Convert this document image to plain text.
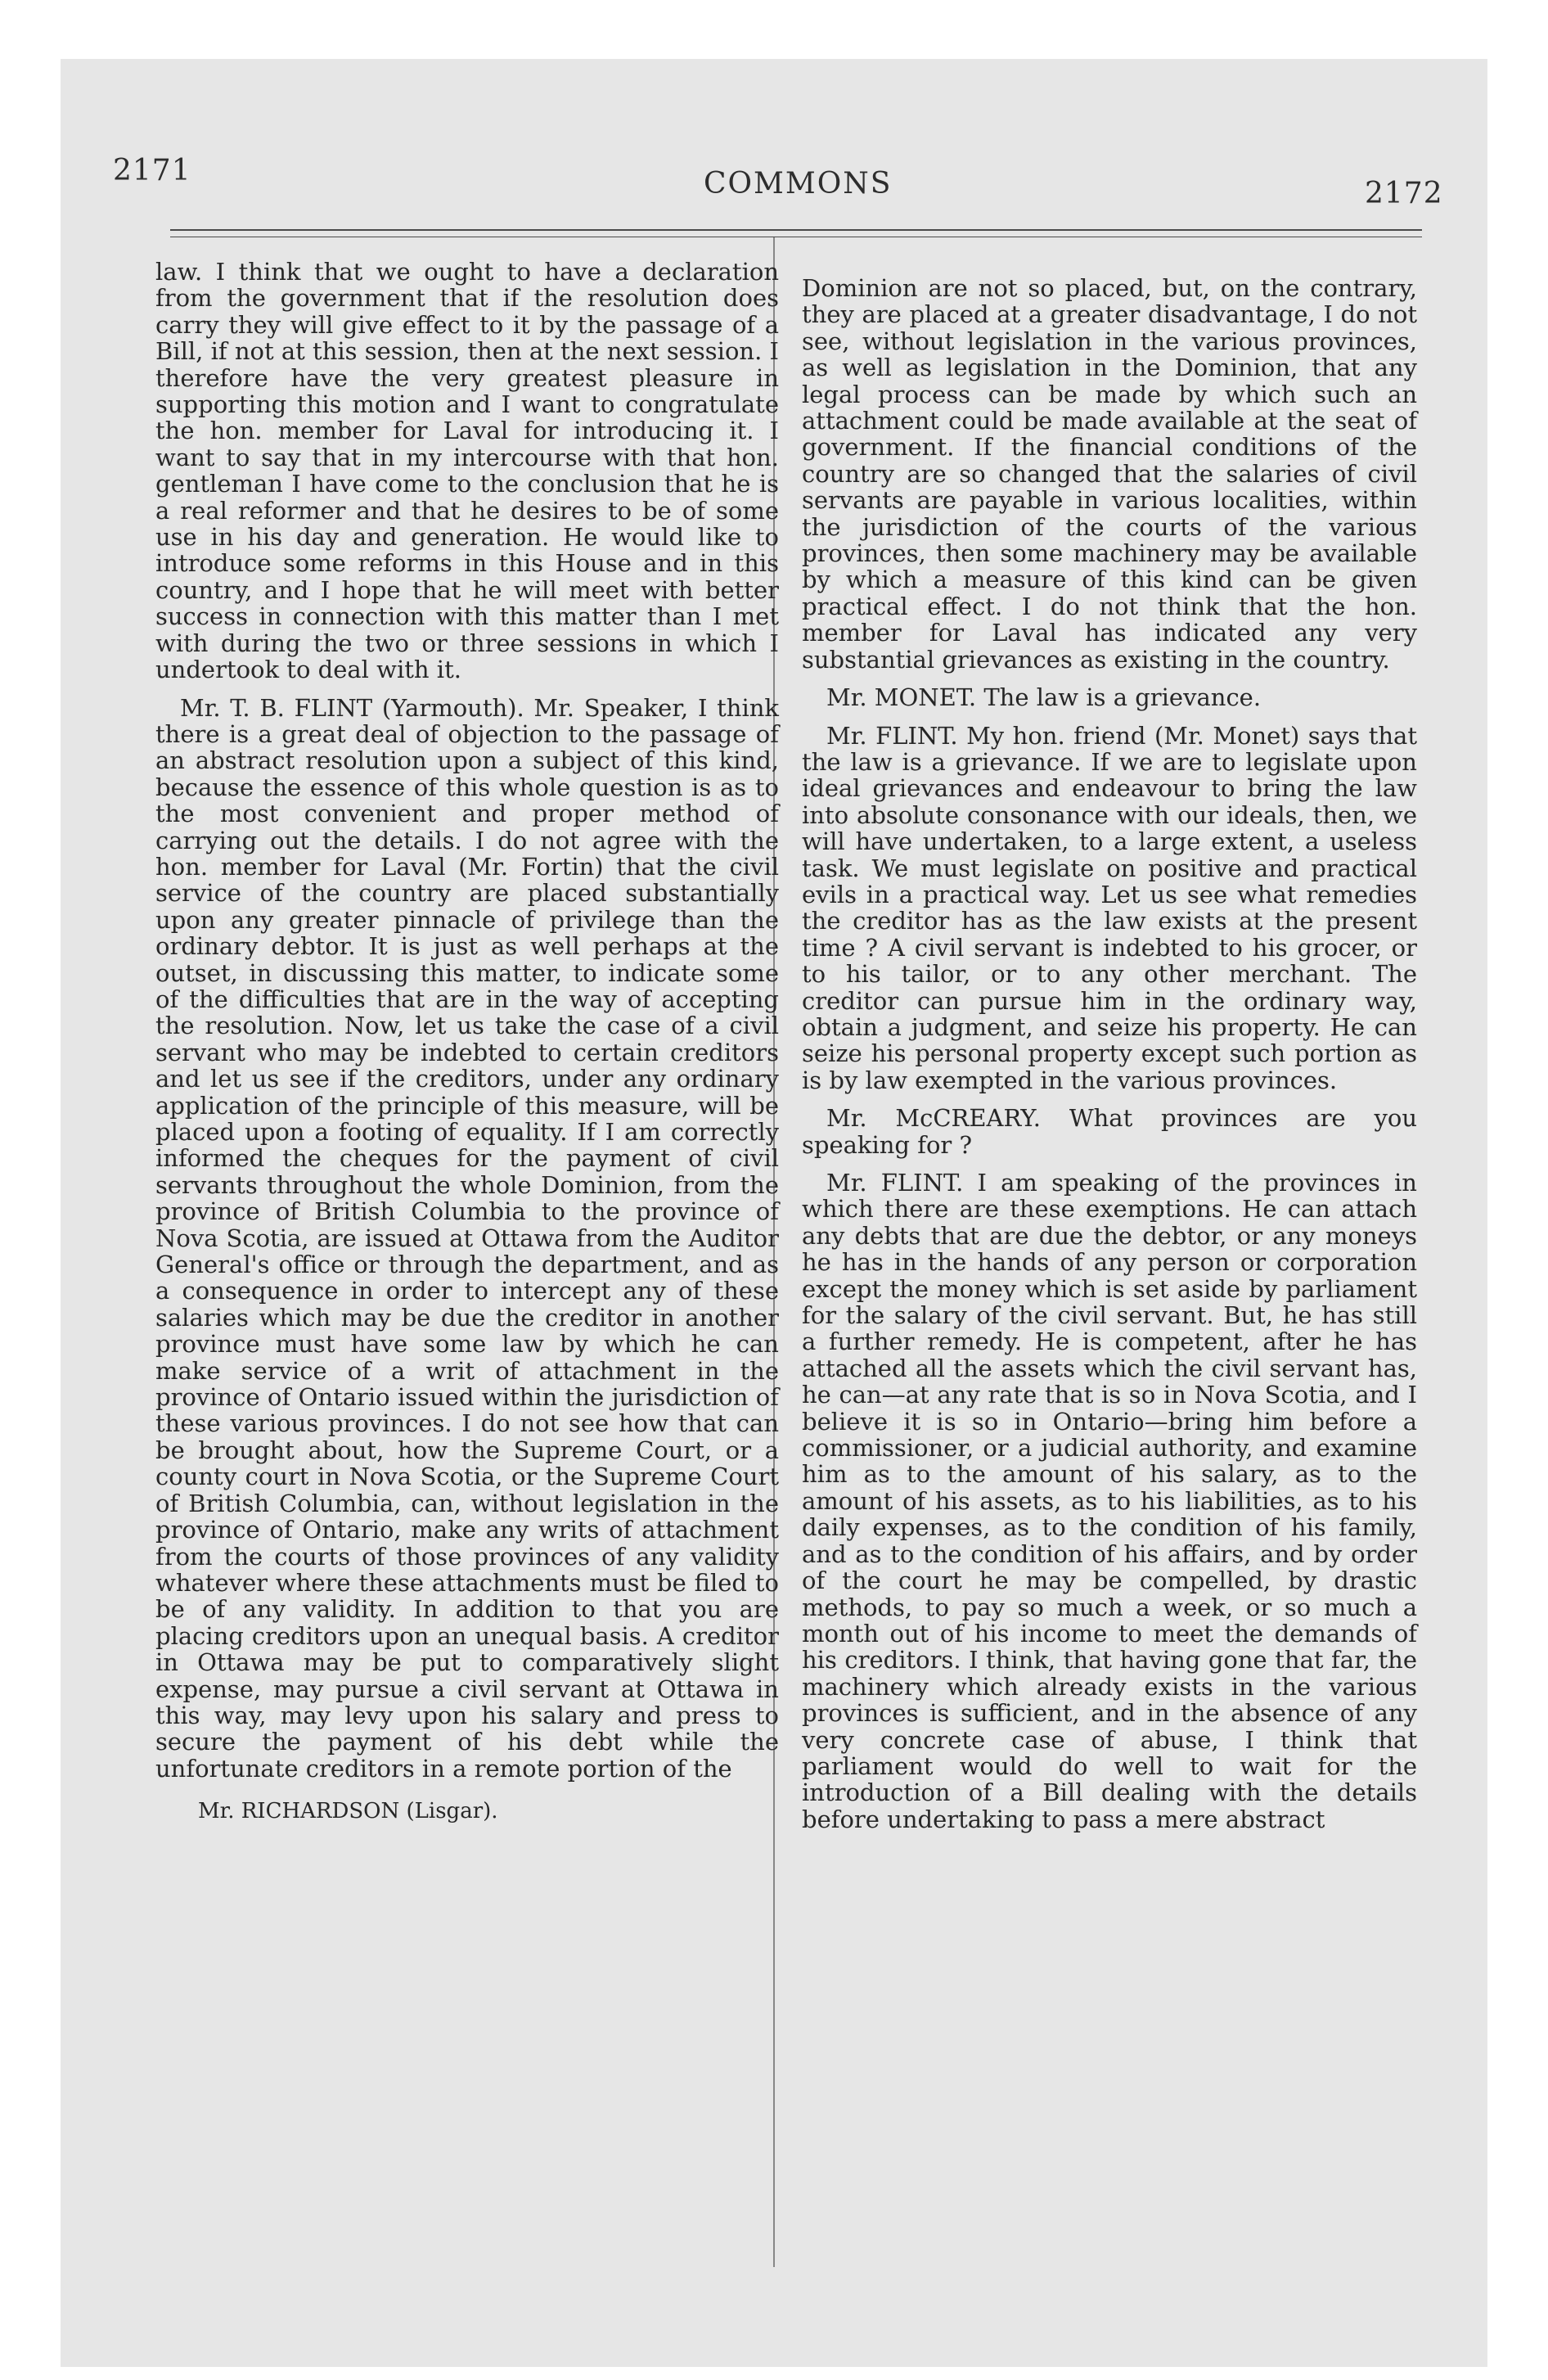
2171	COMMONS	2172

law. I think that we ought to have a declaration from the government that if the resolution does carry they will give effect to it by the passage of a Bill, if not at this session, then at the next session. I therefore have the very greatest pleasure in supporting this motion and I want to congratulate the hon. member for Laval for introducing it. I want to say that in my intercourse with that hon. gentleman I have come to the conclusion that he is a real reformer and that he desires to be of some use in his day and generation. He would like to introduce some reforms in this House and in this country, and I hope that he will meet with better success in connection with this matter than I met with during the two or three sessions in which I undertook to deal with it.

Mr. T. B. FLINT (Yarmouth). Mr. Speaker, I think there is a great deal of objection to the passage of an abstract resolution upon a subject of this kind, because the essence of this whole question is as to the most convenient and proper method of carrying out the details. I do not agree with the hon. member for Laval (Mr. Fortin) that the civil service of the country are placed substantially upon any greater pinnacle of privilege than the ordinary debtor. It is just as well perhaps at the outset, in discussing this matter, to indicate some of the difficulties that are in the way of accepting the resolution. Now, let us take the case of a civil servant who may be indebted to certain creditors and let us see if the creditors, under any ordinary application of the principle of this measure, will be placed upon a footing of equality. If I am correctly informed the cheques for the payment of civil servants throughout the whole Dominion, from the province of British Columbia to the province of Nova Scotia, are issued at Ottawa from the Auditor General's office or through the department, and as a consequence in order to intercept any of these salaries which may be due the creditor in another province must have some law by which he can make service of a writ of attachment in the province of Ontario issued within the jurisdiction of these various provinces. I do not see how that can be brought about, how the Supreme Court, or a county court in Nova Scotia, or the Supreme Court of British Columbia, can, without legislation in the province of Ontario, make any writs of attachment from the courts of those provinces of any validity whatever where these attachments must be filed to be of any validity. In addition to that you are placing creditors upon an unequal basis. A creditor in Ottawa may be put to comparatively slight expense, may pursue a civil servant at Ottawa in this way, may levy upon his salary and press to secure the payment of his debt while the unfortunate creditors in a remote portion of the

Mr. RICHARDSON (Lisgar).

Dominion are not so placed, but, on the contrary, they are placed at a greater disadvantage, I do not see, without legislation in the various provinces, as well as legislation in the Dominion, that any legal process can be made by which such an attachment could be made available at the seat of government. If the financial conditions of the country are so changed that the salaries of civil servants are payable in various localities, within the jurisdiction of the courts of the various provinces, then some machinery may be available by which a measure of this kind can be given practical effect. I do not think that the hon. member for Laval has indicated any very substantial grievances as existing in the country.

Mr. MONET. The law is a grievance.

Mr. FLINT. My hon. friend (Mr. Monet) says that the law is a grievance. If we are to legislate upon ideal grievances and endeavour to bring the law into absolute consonance with our ideals, then, we will have undertaken, to a large extent, a useless task. We must legislate on positive and practical evils in a practical way. Let us see what remedies the creditor has as the law exists at the present time ? A civil servant is indebted to his grocer, or to his tailor, or to any other merchant. The creditor can pursue him in the ordinary way, obtain a judgment, and seize his property. He can seize his personal property except such portion as is by law exempted in the various provinces.

Mr. McCREARY. What provinces are you speaking for ?

Mr. FLINT. I am speaking of the provinces in which there are these exemptions. He can attach any debts that are due the debtor, or any moneys he has in the hands of any person or corporation except the money which is set aside by parliament for the salary of the civil servant. But, he has still a further remedy. He is competent, after he has attached all the assets which the civil servant has, he can—at any rate that is so in Nova Scotia, and I believe it is so in Ontario—bring him before a commissioner, or a judicial authority, and examine him as to the amount of his salary, as to the amount of his assets, as to his liabilities, as to his daily expenses, as to the condition of his family, and as to the condition of his affairs, and by order of the court he may be compelled, by drastic methods, to pay so much a week, or so much a month out of his income to meet the demands of his creditors. I think, that having gone that far, the machinery which already exists in the various provinces is sufficient, and in the absence of any very concrete case of abuse, I think that parliament would do well to wait for the introduction of a Bill dealing with the details before undertaking to pass a mere abstract
